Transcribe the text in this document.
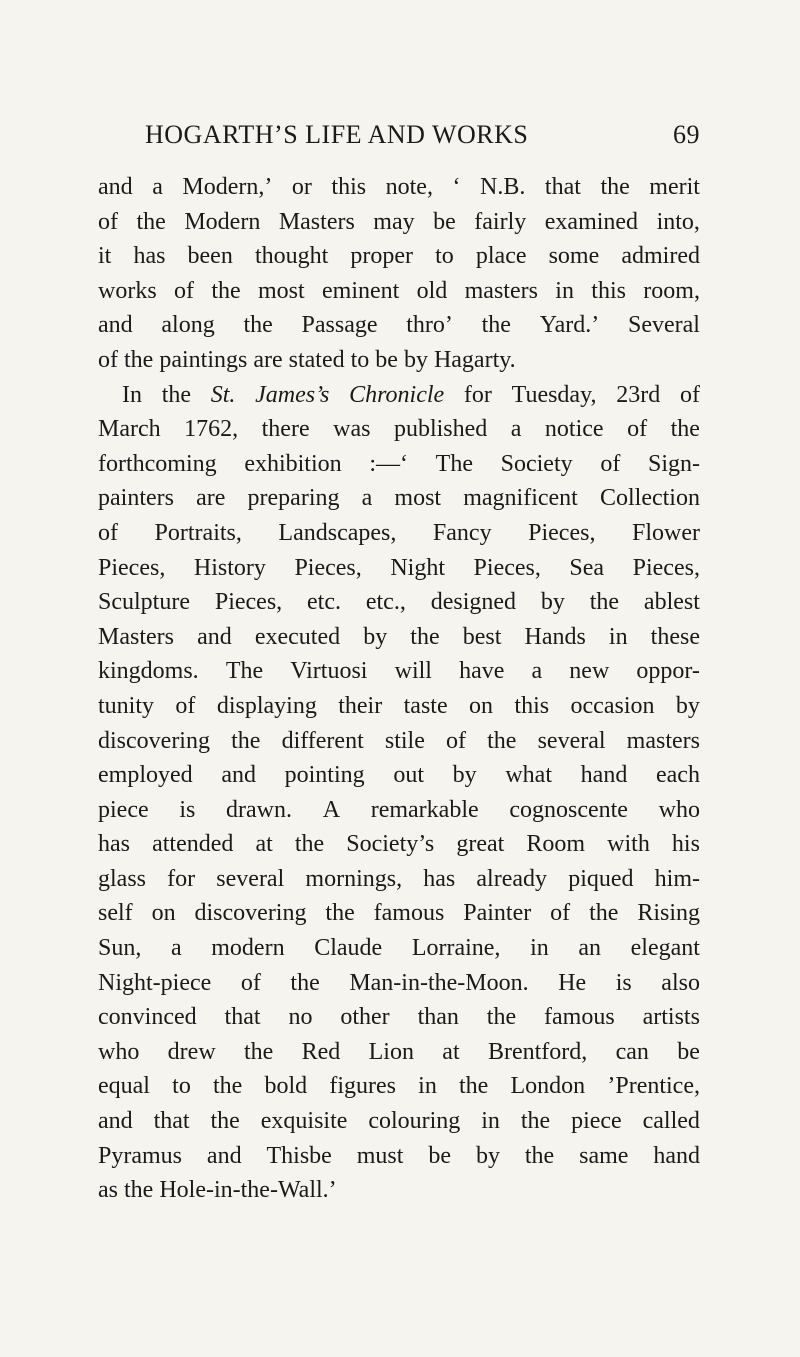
HOGARTH’S LIFE AND WORKS	69
and a Modern,’ or this note, ‘ N.B. that the merit
of the Modern Masters may be fairly examined into,
it has been thought proper to place some admired
works of the most eminent old masters in this room,
and along the Passage thro’ the Yard.’ Several
of the paintings are stated to be by Hagarty.
In the St. James’s Chronicle for Tuesday, 23rd of
March 1762, there was published a notice of the
forthcoming exhibition :—‘ The Society of Sign-
painters are preparing a most magnificent Collection
of Portraits, Landscapes, Fancy Pieces, Flower
Pieces, History Pieces, Night Pieces, Sea Pieces,
Sculpture Pieces, etc. etc., designed by the ablest
Masters and executed by the best Hands in these
kingdoms. The Virtuosi will have a new oppor-
tunity of displaying their taste on this occasion by
discovering the different stile of the several masters
employed and pointing out by what hand each
piece is drawn. A remarkable cognoscente who
has attended at the Society’s great Room with his
glass for several mornings, has already piqued him-
self on discovering the famous Painter of the Rising
Sun, a modern Claude Lorraine, in an elegant
Night-piece of the Man-in-the-Moon. He is also
convinced that no other than the famous artists
who drew the Red Lion at Brentford, can be
equal to the bold figures in the London ’Prentice,
and that the exquisite colouring in the piece called
Pyramus and Thisbe must be by the same hand
as the Hole-in-the-Wall.’
